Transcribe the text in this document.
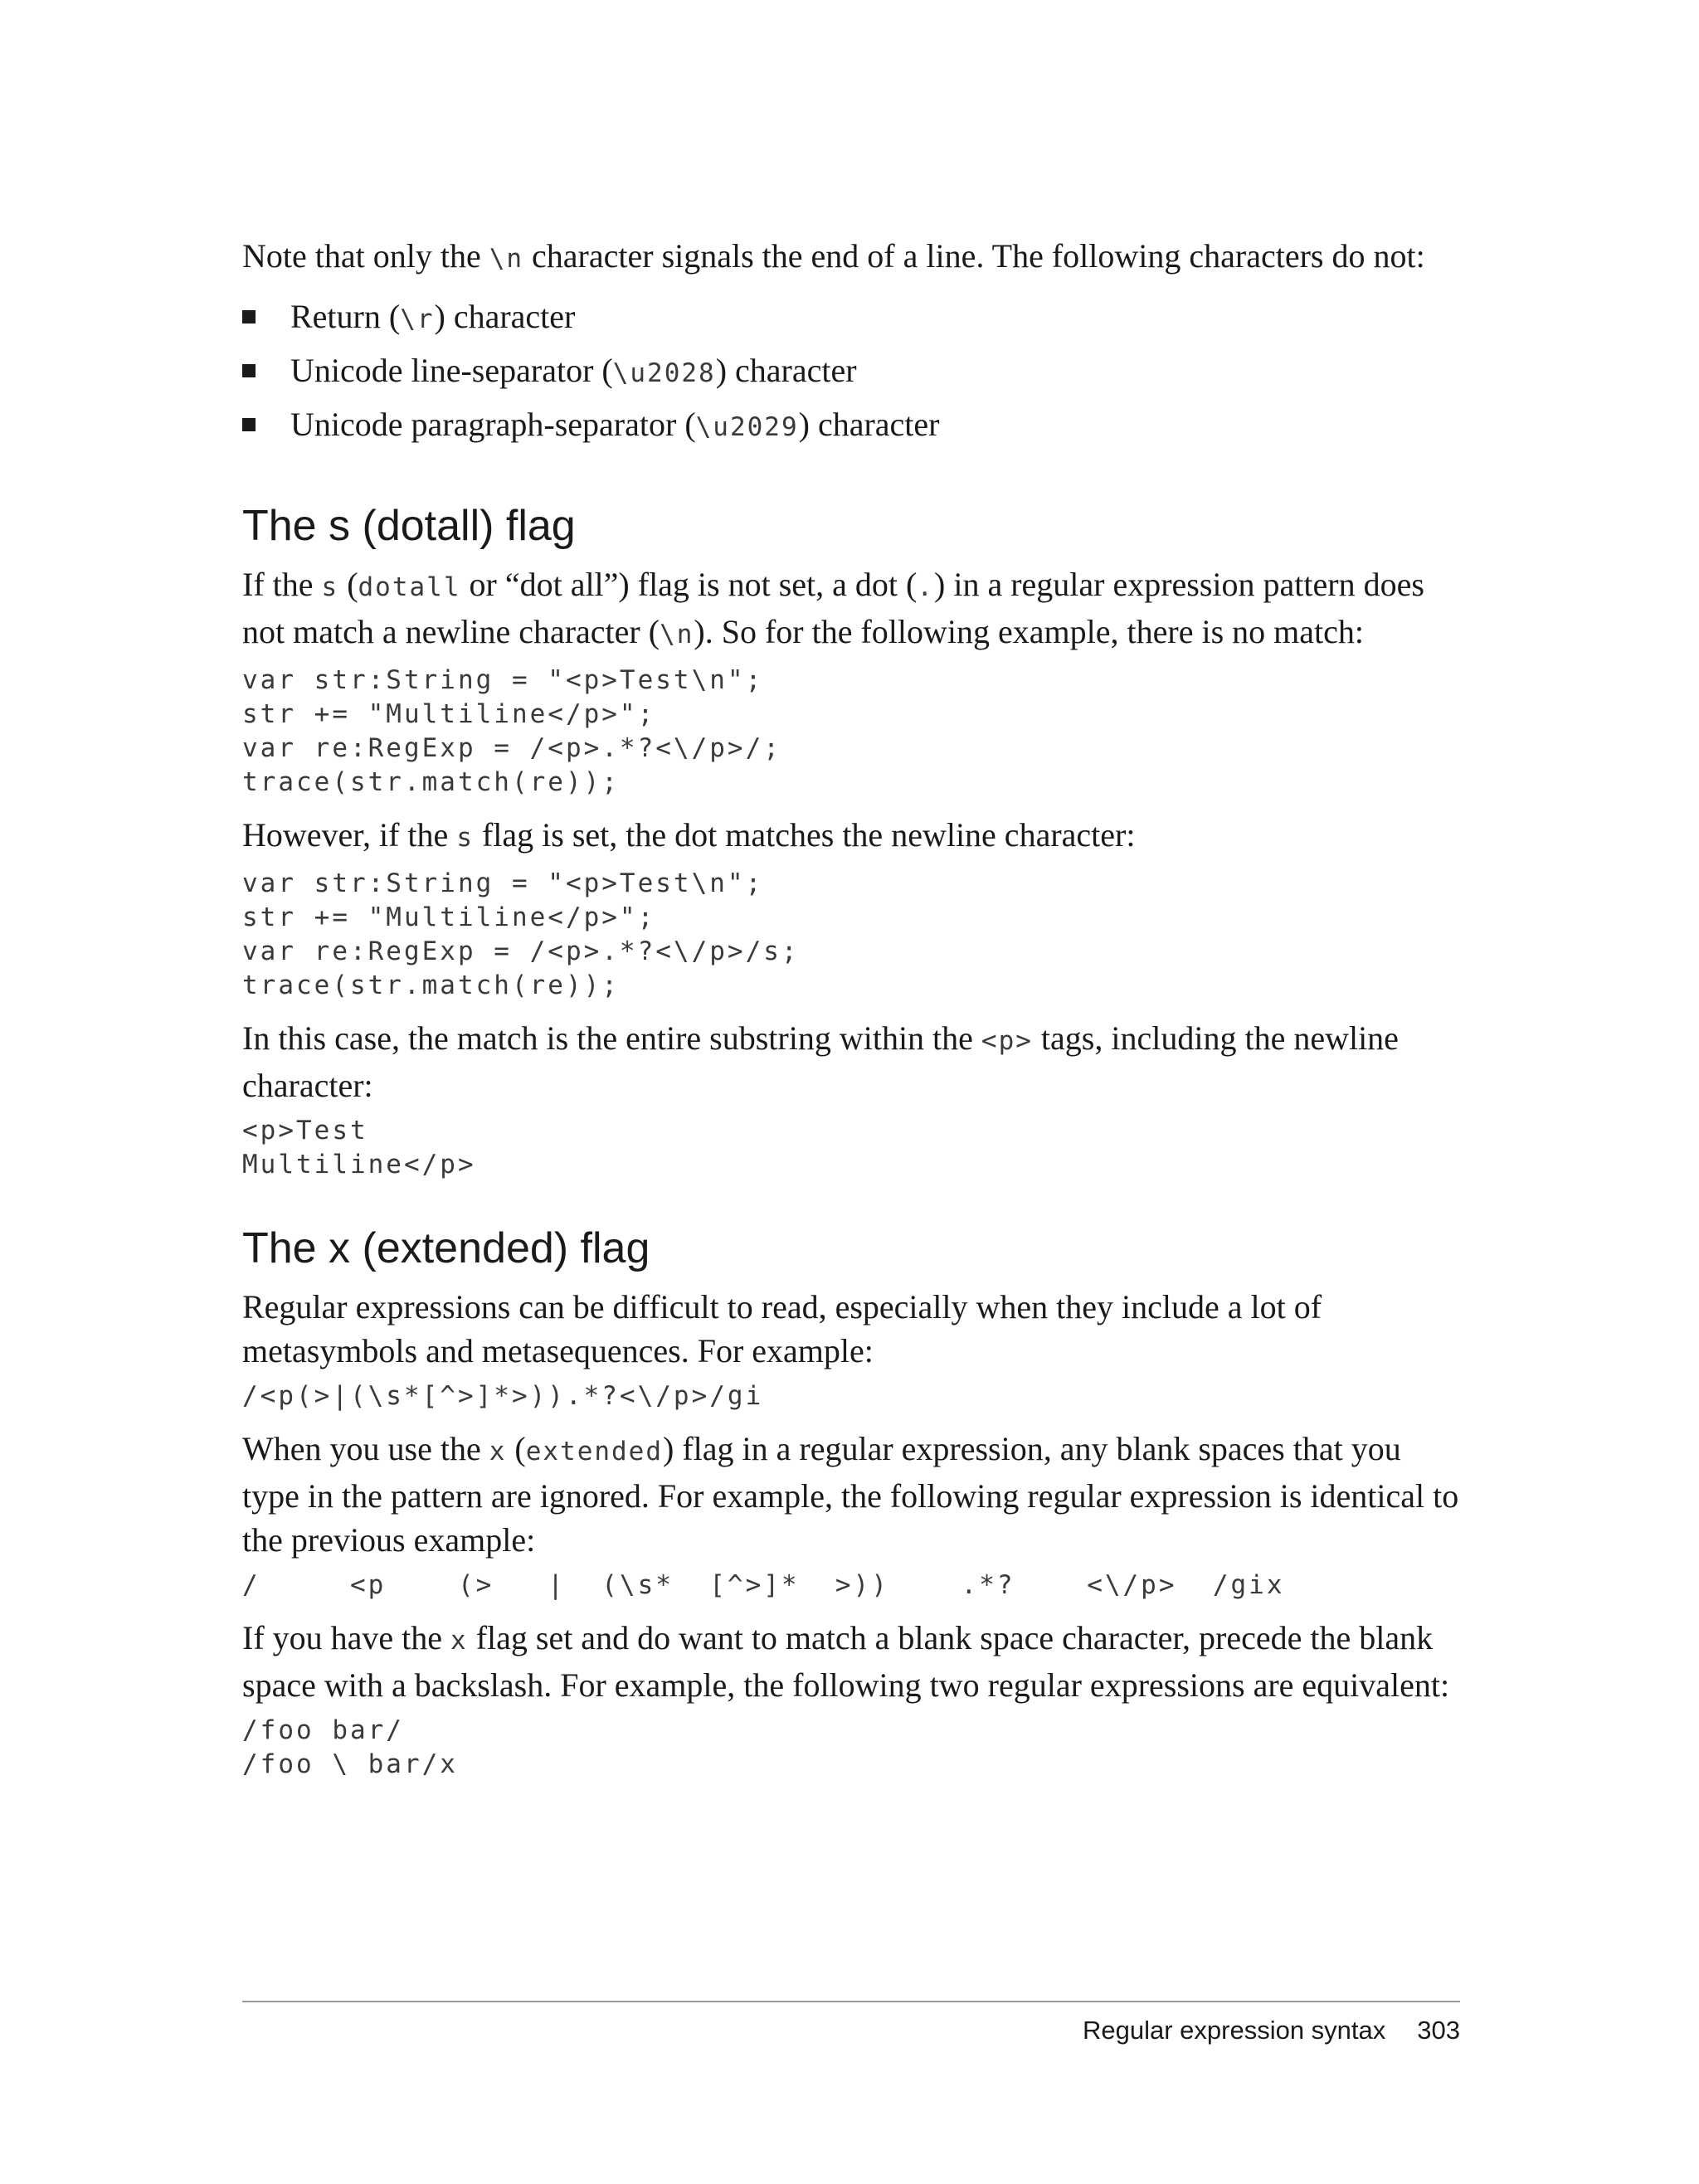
Note that only the \n character signals the end of a line. The following characters do not:

Return (\r) character
Unicode line-separator (\u2028) character
Unicode paragraph-separator (\u2029) character
The s (dotall) flag

If the s (dotall or “dot all”) flag is not set, a dot (.) in a regular expression pattern does not match a newline character (\n). So for the following example, there is no match:

var str:String = "<p>Test\n";
str += "Multiline</p>";
var re:RegExp = /<p>.*?<\/p>/;
trace(str.match(re));

However, if the s flag is set, the dot matches the newline character:

var str:String = "<p>Test\n";
str += "Multiline</p>";
var re:RegExp = /<p>.*?<\/p>/s;
trace(str.match(re));

In this case, the match is the entire substring within the <p> tags, including the newline character:

<p>Test
Multiline</p>
The x (extended) flag

Regular expressions can be difficult to read, especially when they include a lot of metasymbols and metasequences. For example:

/<p(>|(\s*[^>]*>)).*?<\/p>/gi

When you use the x (extended) flag in a regular expression, any blank spaces that you type in the pattern are ignored. For example, the following regular expression is identical to the previous example:

/     <p    (>   |  (\s*  [^>]*  >))    .*?    <\/p>  /gix

If you have the x flag set and do want to match a blank space character, precede the blank space with a backslash. For example, the following two regular expressions are equivalent:

/foo bar/
/foo \ bar/x
Regular expression syntax 303
